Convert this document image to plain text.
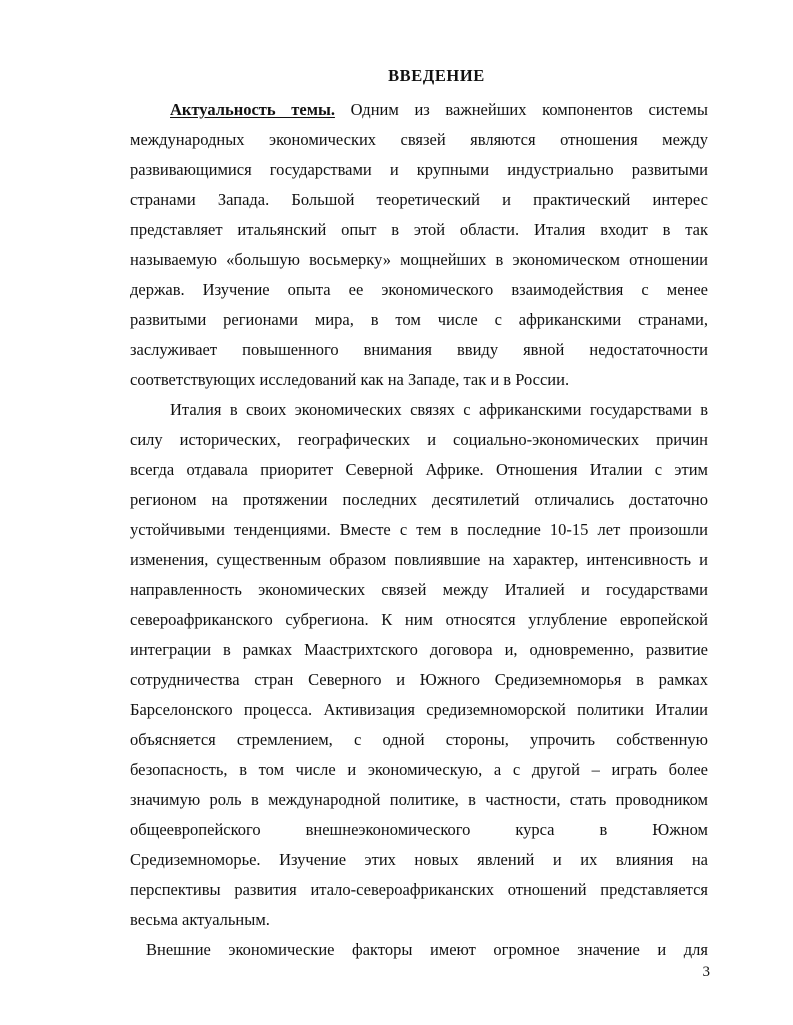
ВВЕДЕНИЕ
Актуальность темы. Одним из важнейших компонентов системы
международных экономических связей являются отношения между
развивающимися государствами и крупными индустриально развитыми
странами Запада. Большой теоретический и практический интерес
представляет итальянский опыт в этой области. Италия входит в так
называемую «большую восьмерку» мощнейших в экономическом отношении
держав. Изучение опыта ее экономического взаимодействия с менее
развитыми регионами мира, в том числе с африканскими странами,
заслуживает повышенного внимания ввиду явной недостаточности
соответствующих исследований как на Западе, так и в России.
Италия в своих экономических связях с африканскими государствами в
силу исторических, географических и социально-экономических причин
всегда отдавала приоритет Северной Африке. Отношения Италии с этим
регионом на протяжении последних десятилетий отличались достаточно
устойчивыми тенденциями. Вместе с тем в последние 10-15 лет произошли
изменения, существенным образом повлиявшие на характер, интенсивность и
направленность экономических связей между Италией и государствами
североафриканского субрегиона. К ним относятся углубление европейской
интеграции в рамках Маастрихтского договора и, одновременно, развитие
сотрудничества стран Северного и Южного Средиземноморья в рамках
Барселонского процесса. Активизация средиземноморской политики Италии
объясняется стремлением, с одной стороны, упрочить собственную
безопасность, в том числе и экономическую, а с другой – играть более
значимую роль в международной политике, в частности, стать проводником
общеевропейского внешнеэкономического курса в Южном
Средиземноморье. Изучение этих новых явлений и их влияния на
перспективы развития итало-североафриканских отношений представляется
весьма актуальным.
Внешние экономические факторы имеют огромное значение и для
3
